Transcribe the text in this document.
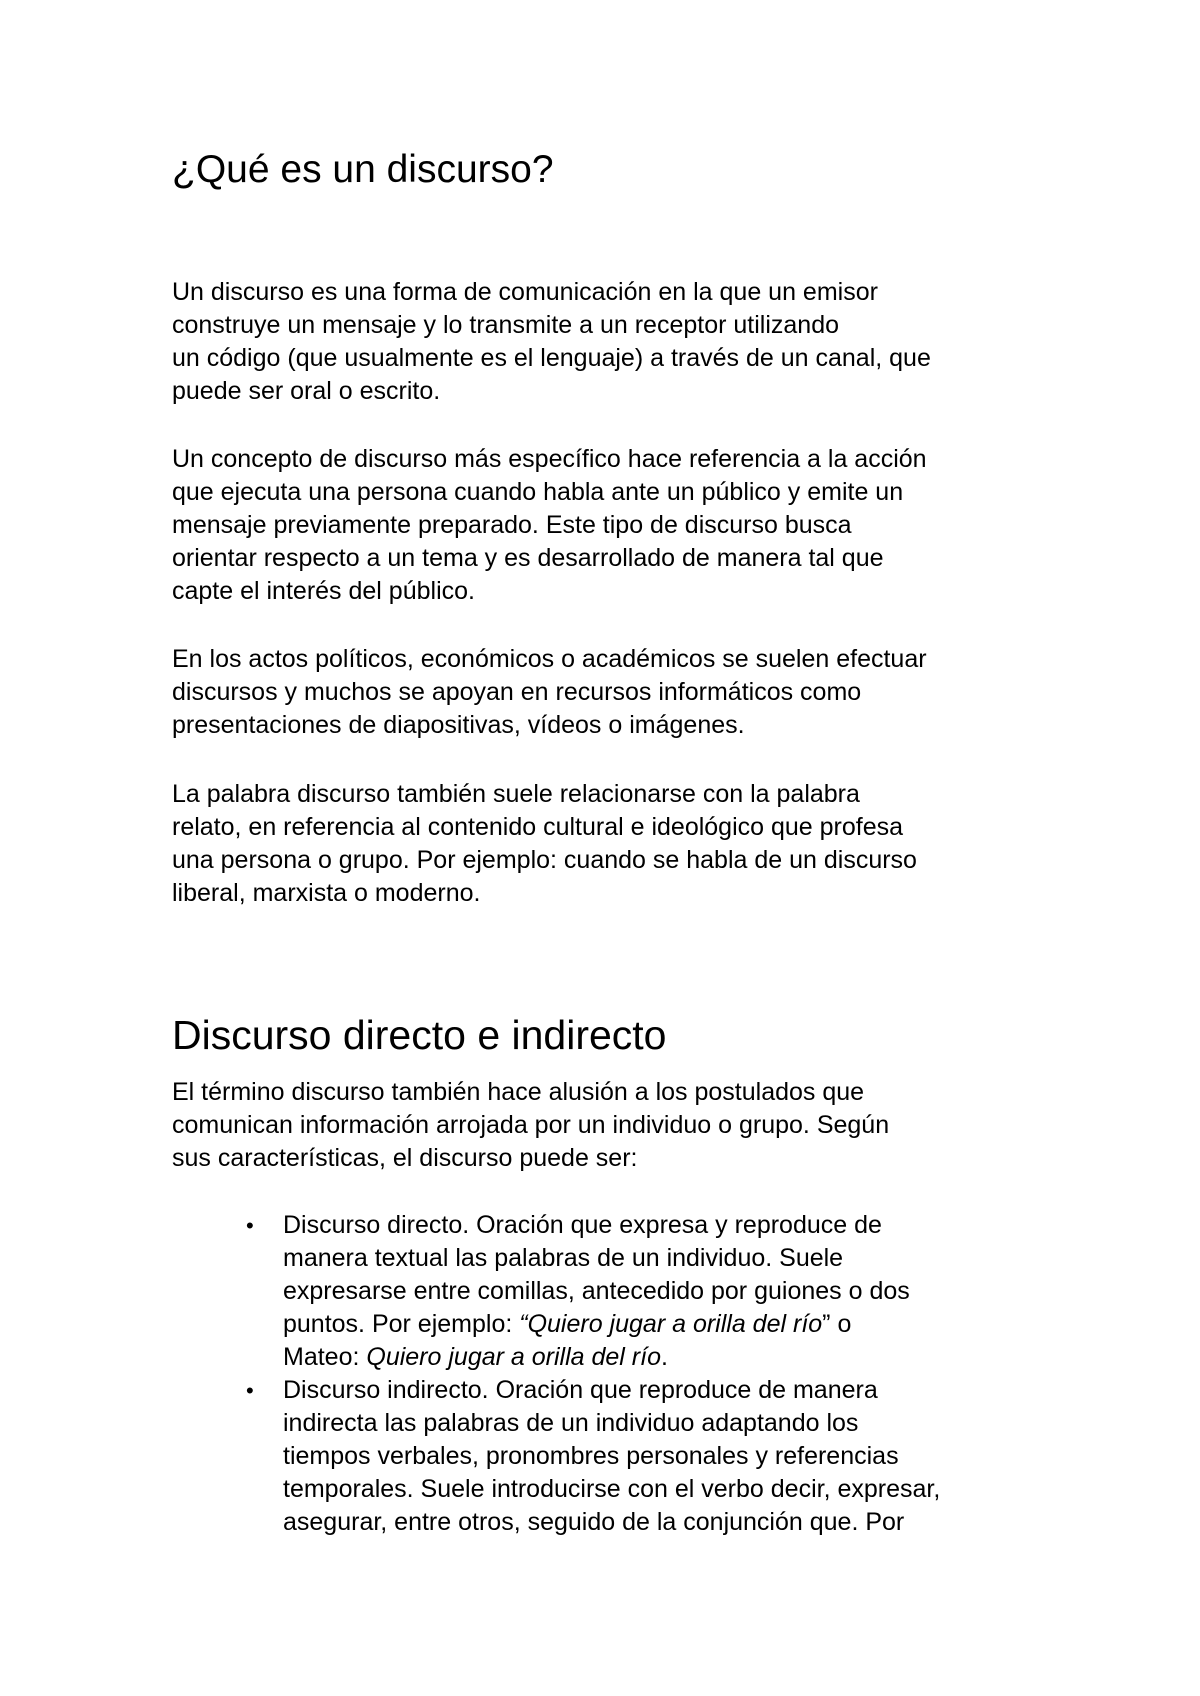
¿Qué es un discurso?
Un discurso es una forma de comunicación en la que un emisor
construye un mensaje y lo transmite a un receptor utilizando
un código (que usualmente es el lenguaje) a través de un canal, que
puede ser oral o escrito.
Un concepto de discurso más específico hace referencia a la acción
que ejecuta una persona cuando habla ante un público y emite un
mensaje previamente preparado. Este tipo de discurso busca
orientar respecto a un tema y es desarrollado de manera tal que
capte el interés del público.
En los actos políticos, económicos o académicos se suelen efectuar
discursos y muchos se apoyan en recursos informáticos como
presentaciones de diapositivas, vídeos o imágenes.
La palabra discurso también suele relacionarse con la palabra
relato, en referencia al contenido cultural e ideológico que profesa
una persona o grupo. Por ejemplo: cuando se habla de un discurso
liberal, marxista o moderno.
Discurso directo e indirecto
El término discurso también hace alusión a los postulados que
comunican información arrojada por un individuo o grupo. Según
sus características, el discurso puede ser:
• Discurso directo. Oración que expresa y reproduce de
manera textual las palabras de un individuo. Suele
expresarse entre comillas, antecedido por guiones o dos
puntos. Por ejemplo: “Quiero jugar a orilla del río” o
Mateo: Quiero jugar a orilla del río.
• Discurso indirecto. Oración que reproduce de manera
indirecta las palabras de un individuo adaptando los
tiempos verbales, pronombres personales y referencias
temporales. Suele introducirse con el verbo decir, expresar,
asegurar, entre otros, seguido de la conjunción que. Por
